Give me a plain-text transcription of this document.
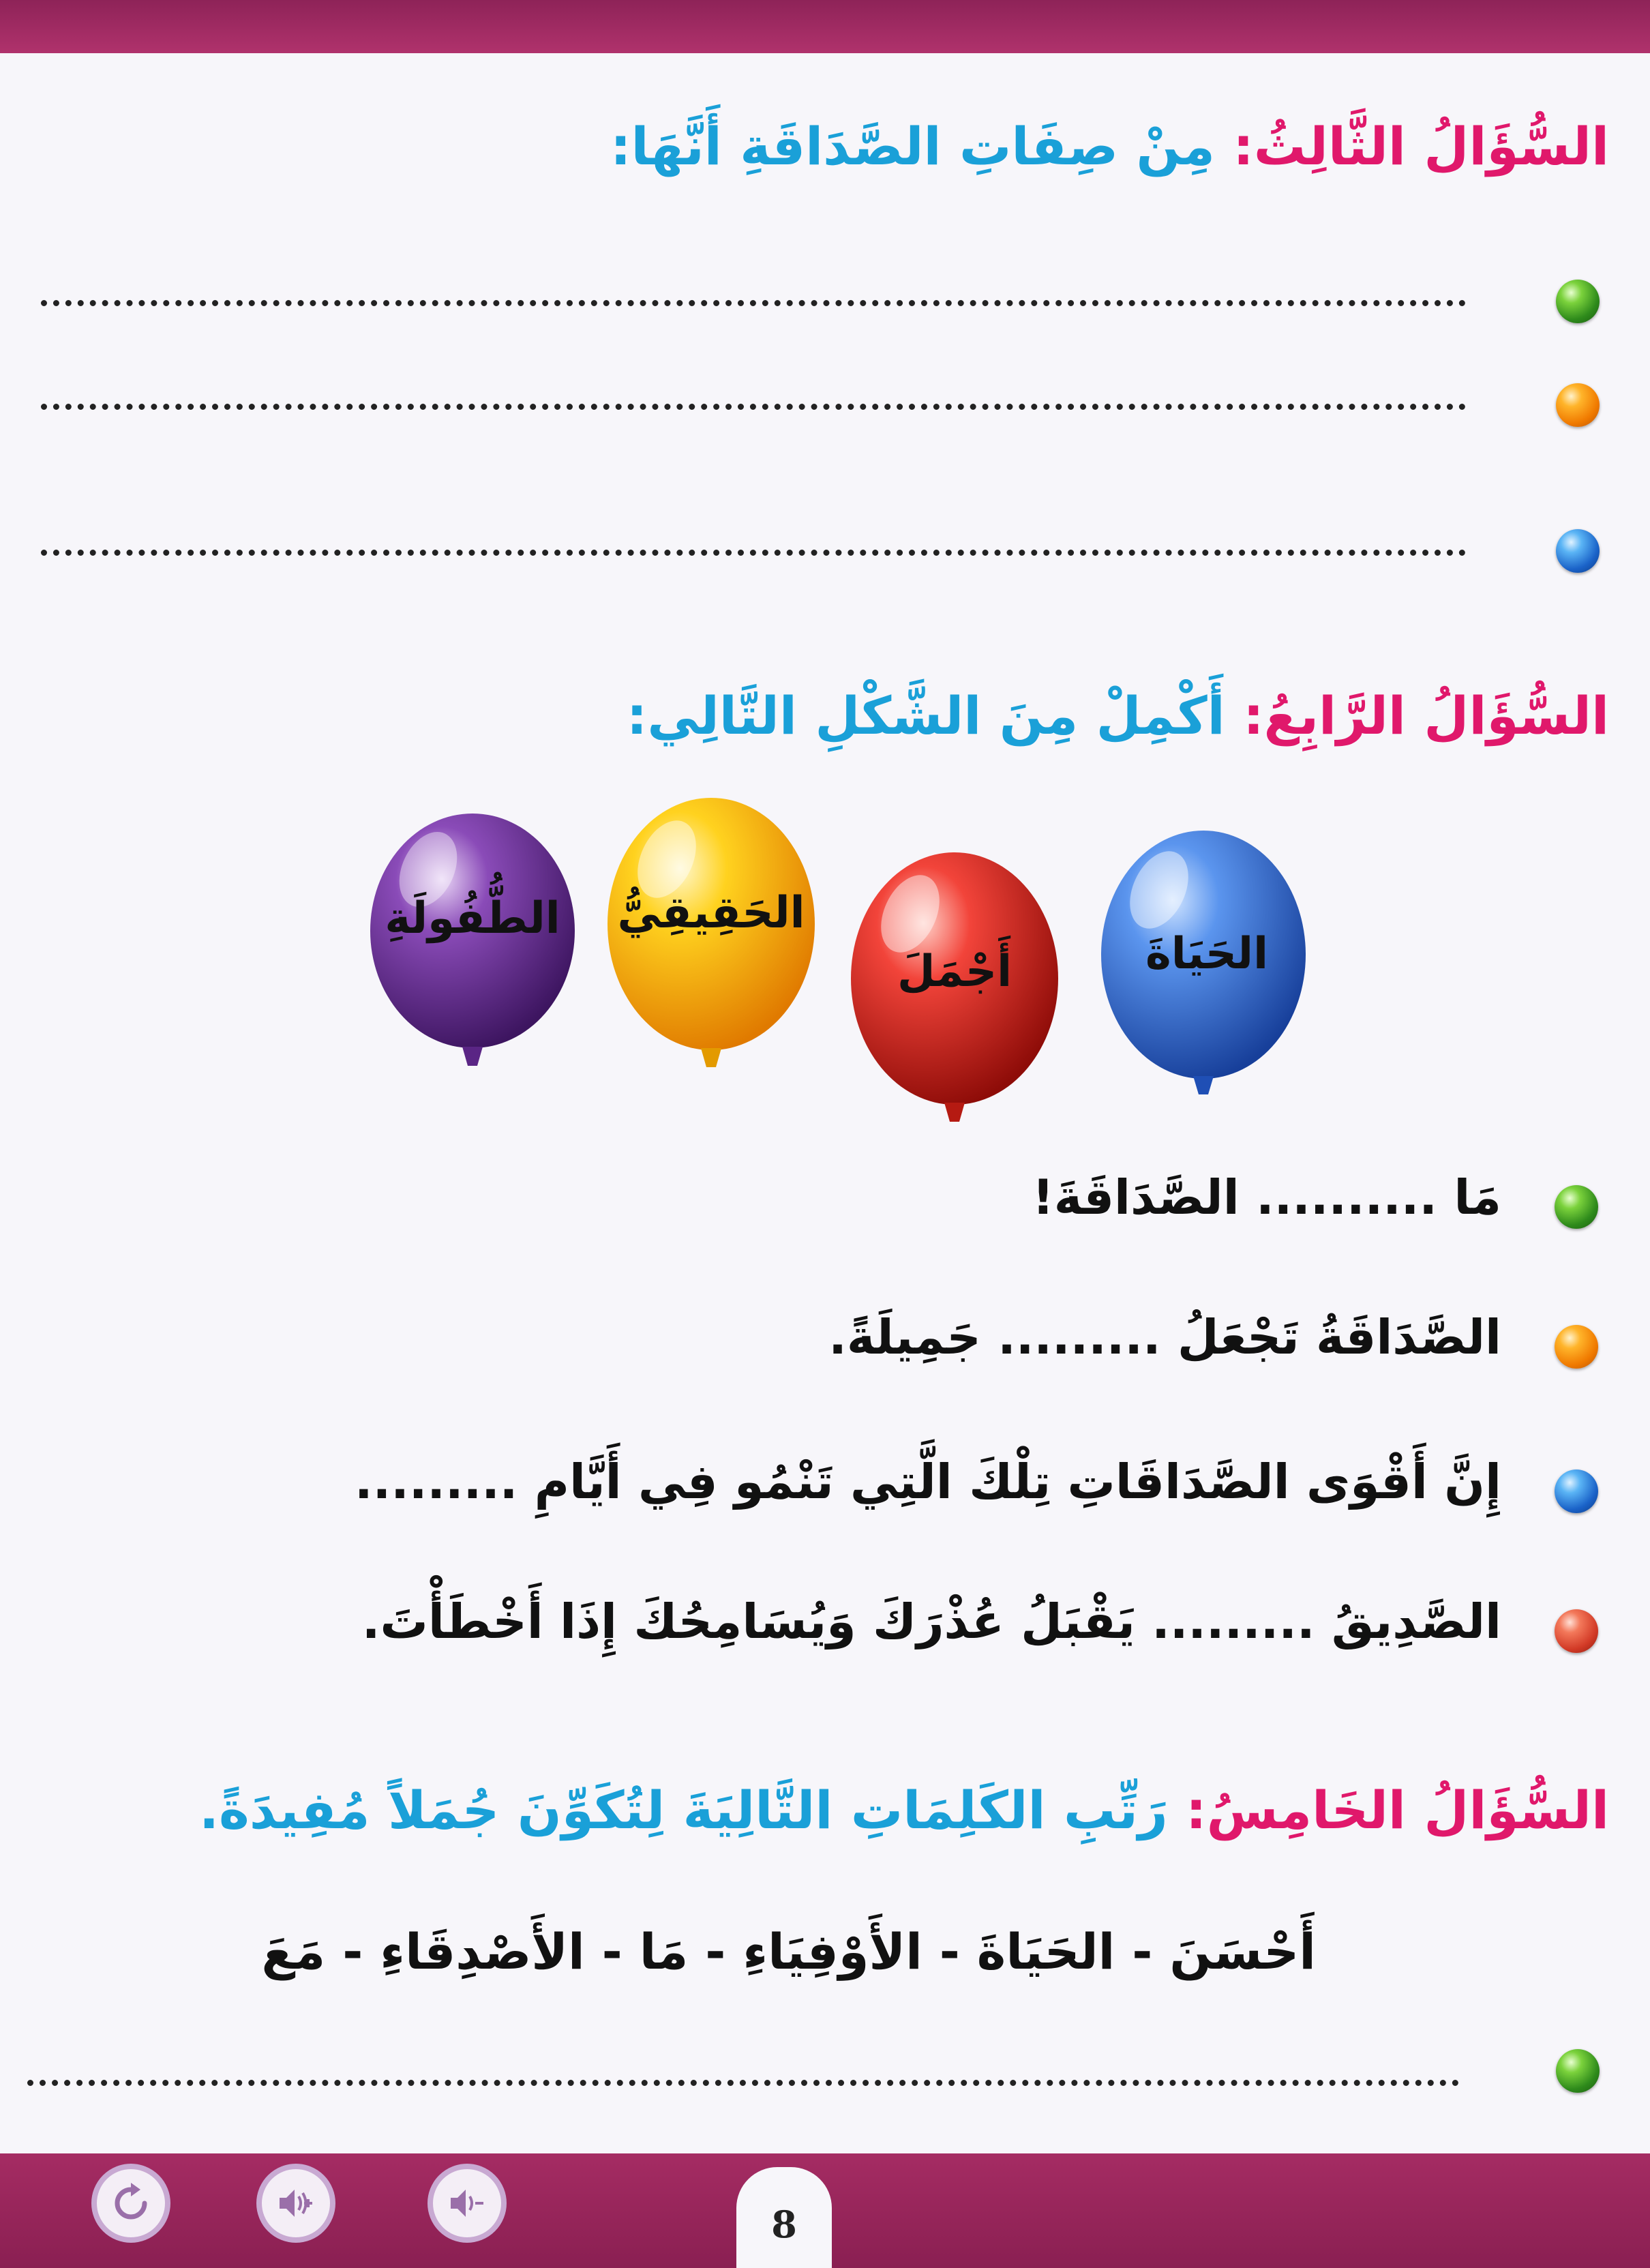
السُّؤَالُ الثَّالِثُ: مِنْ صِفَاتِ الصَّدَاقَةِ أَنَّهَا:
السُّؤَالُ الرَّابِعُ: أَكْمِلْ مِنَ الشَّكْلِ التَّالِي:
الحَيَاةَ
أَجْمَلَ
الحَقِيقِيُّ
الطُّفُولَةِ
مَا .......... الصَّدَاقَةَ!
الصَّدَاقَةُ تَجْعَلُ ......... جَمِيلَةً.
إِنَّ أَقْوَى الصَّدَاقَاتِ تِلْكَ الَّتِي تَنْمُو فِي أَيَّامِ .........
الصَّدِيقُ ......... يَقْبَلُ عُذْرَكَ وَيُسَامِحُكَ إِذَا أَخْطَأْتَ.
السُّؤَالُ الخَامِسُ: رَتِّبِ الكَلِمَاتِ التَّالِيَةَ لِتُكَوِّنَ جُمَلاً مُفِيدَةً.
أَحْسَنَ - الحَيَاةَ - الأَوْفِيَاءِ - مَا - الأَصْدِقَاءِ - مَعَ
8
